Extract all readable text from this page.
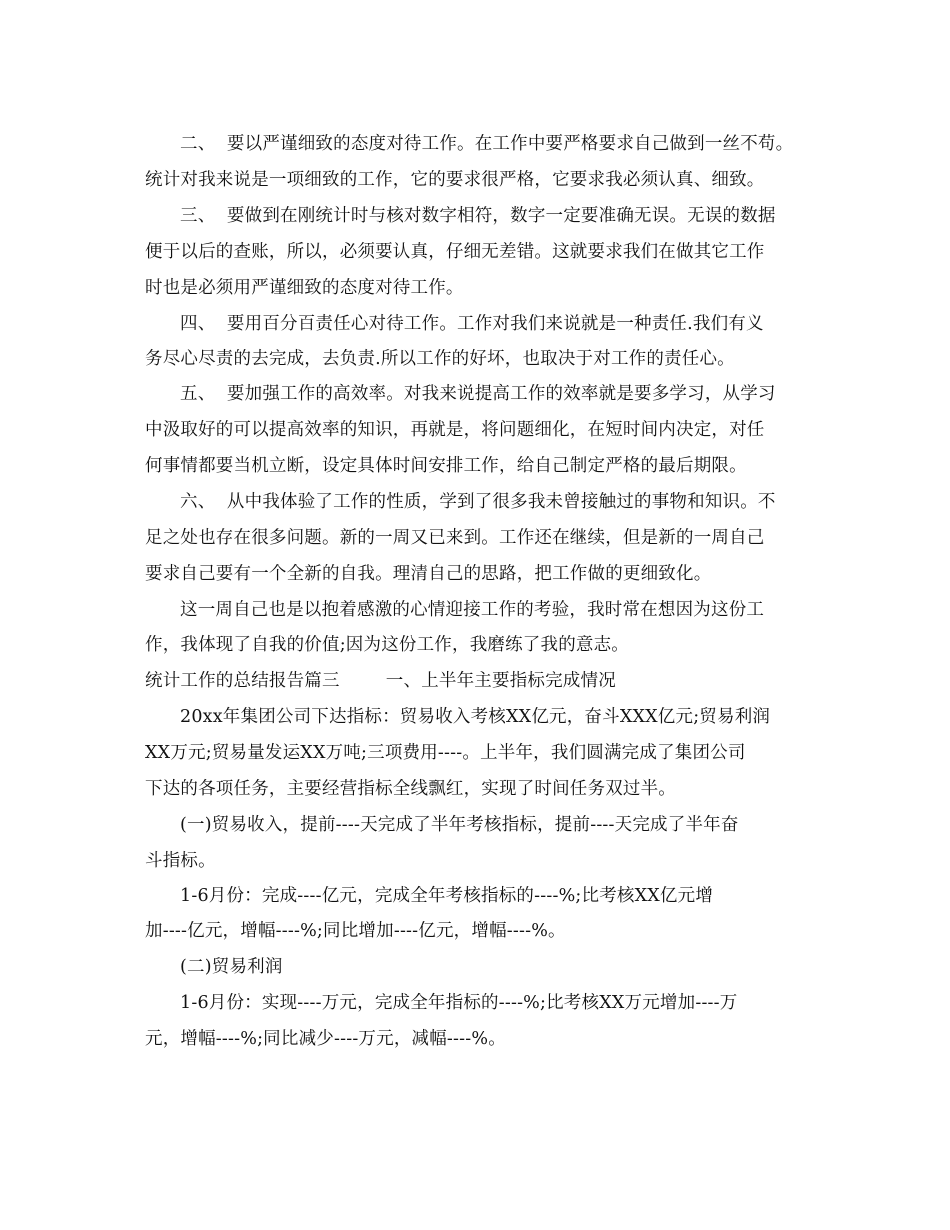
二、  要以严谨细致的态度对待工作。在工作中要严格要求自己做到一丝不苟。
统计对我来说是一项细致的工作，它的要求很严格，它要求我必须认真、细致。
三、  要做到在刚统计时与核对数字相符，数字一定要准确无误。无误的数据
便于以后的查账，所以，必须要认真，仔细无差错。这就要求我们在做其它工作
时也是必须用严谨细致的态度对待工作。
四、  要用百分百责任心对待工作。工作对我们来说就是一种责任.我们有义
务尽心尽责的去完成，去负责.所以工作的好坏，也取决于对工作的责任心。
五、  要加强工作的高效率。对我来说提高工作的效率就是要多学习，从学习
中汲取好的可以提高效率的知识，再就是，将问题细化，在短时间内决定，对任
何事情都要当机立断，设定具体时间安排工作，给自己制定严格的最后期限。
六、  从中我体验了工作的性质，学到了很多我未曾接触过的事物和知识。不
足之处也存在很多问题。新的一周又已来到。工作还在继续，但是新的一周自己
要求自己要有一个全新的自我。理清自己的思路，把工作做的更细致化。
这一周自己也是以抱着感激的心情迎接工作的考验，我时常在想因为这份工
作，我体现了自我的价值;因为这份工作，我磨练了我的意志。
统计工作的总结报告篇三        一、上半年主要指标完成情况
20xx年集团公司下达指标：贸易收入考核XX亿元，奋斗XXX亿元;贸易利润
XX万元;贸易量发运XX万吨;三项费用----。上半年，我们圆满完成了集团公司
下达的各项任务，主要经营指标全线飘红，实现了时间任务双过半。
(一)贸易收入，提前----天完成了半年考核指标，提前----天完成了半年奋
斗指标。
1-6月份：完成----亿元，完成全年考核指标的----%;比考核XX亿元增
加----亿元，增幅----%;同比增加----亿元，增幅----%。
(二)贸易利润
1-6月份：实现----万元，完成全年指标的----%;比考核XX万元增加----万
元，增幅----%;同比减少----万元，减幅----%。
